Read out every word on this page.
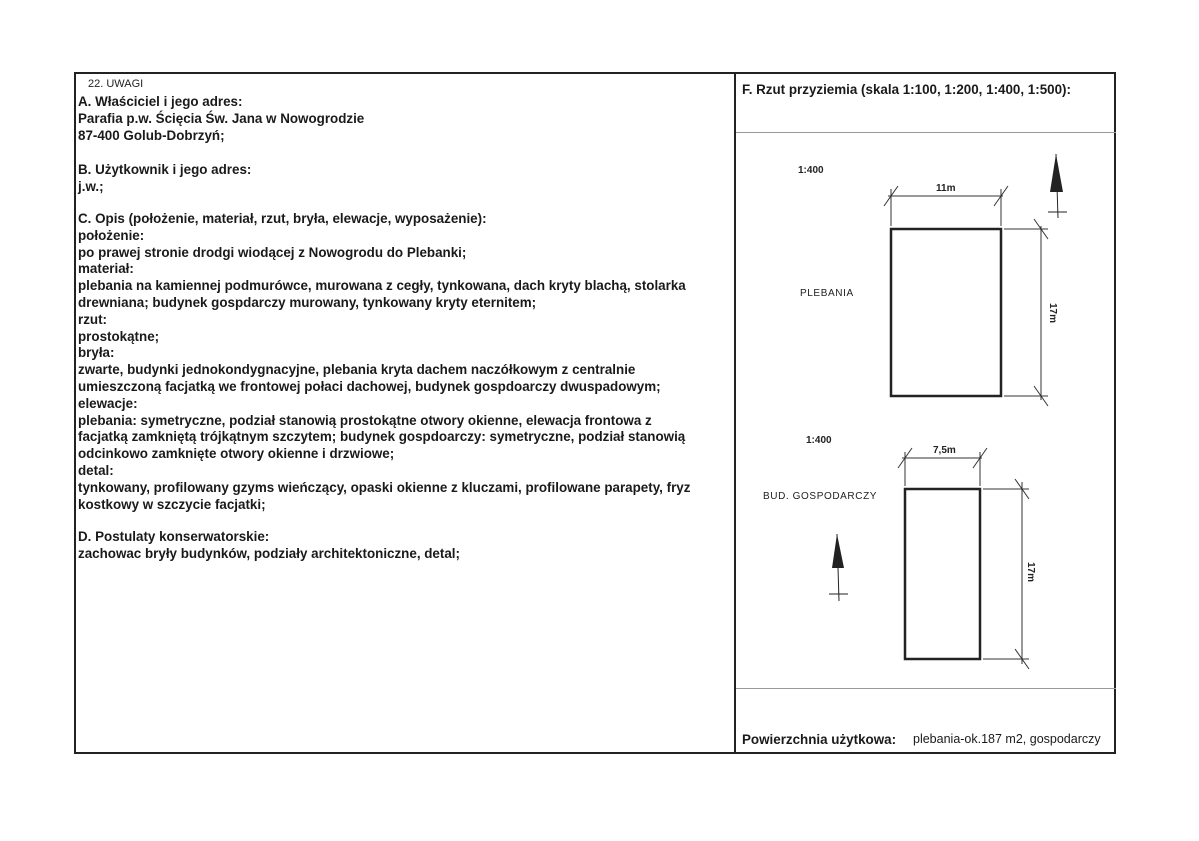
22. UWAGI
A. Właściciel i jego adres:
Parafia p.w. Ścięcia Św. Jana w Nowogrodzie
87-400 Golub-Dobrzyń;
B. Użytkownik i jego adres:
j.w.;
C. Opis (położenie, materiał, rzut, bryła, elewacje, wyposażenie):
położenie:
po prawej stronie drodgi wiodącej z Nowogrodu do Plebanki;
materiał:
plebania na kamiennej podmurówce, murowana z cegły, tynkowana, dach kryty blachą, stolarka
drewniana; budynek gospdarczy murowany, tynkowany kryty eternitem;
rzut:
prostokątne;
bryła:
zwarte, budynki jednokondygnacyjne, plebania kryta dachem naczółkowym z centralnie
umieszczoną facjatką we frontowej połaci dachowej, budynek gospdoarczy dwuspadowym;
elewacje:
plebania: symetryczne, podział stanowią prostokątne otwory okienne, elewacja frontowa z
facjatką zamkniętą trójkątnym szczytem; budynek gospdoarczy: symetryczne, podział stanowią
odcinkowo zamknięte otwory okienne i drzwiowe;
detal:
tynkowany, profilowany gzyms wieńczący, opaski okienne z kluczami, profilowane parapety, fryz
kostkowy w szczycie facjatki;
D. Postulaty konserwatorskie:
zachowac bryły budynków, podziały architektoniczne, detal;
F. Rzut przyziemia (skala 1:100, 1:200, 1:400, 1:500):
1:400
PLEBANIA
11m
17m
1:400
BUD. GOSPODARCZY
7,5m
17m
Powierzchnia użytkowa: plebania-ok.187 m2, gospodarczy
